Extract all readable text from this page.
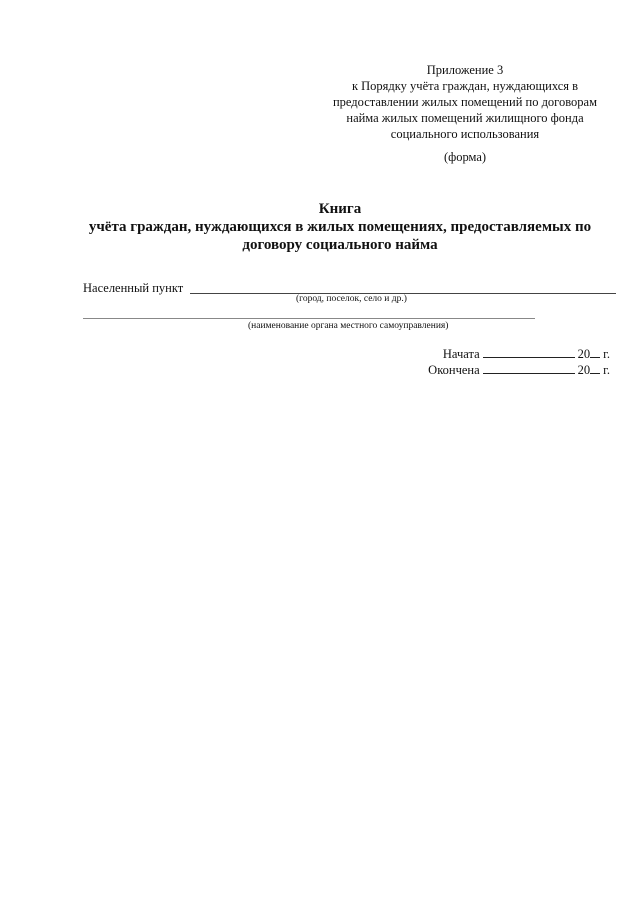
Приложение 3
к Порядку учёта граждан, нуждающихся в
предоставлении жилых помещений по договорам
найма жилых помещений жилищного фонда
социального использования
(форма)
Книга
учёта граждан, нуждающихся в жилых помещениях, предоставляемых по
договору социального найма
Населенный пункт
(город, поселок, село и др.)
(наименование органа местного самоуправления)
Начата	20 г.
Окончена	20 г.
